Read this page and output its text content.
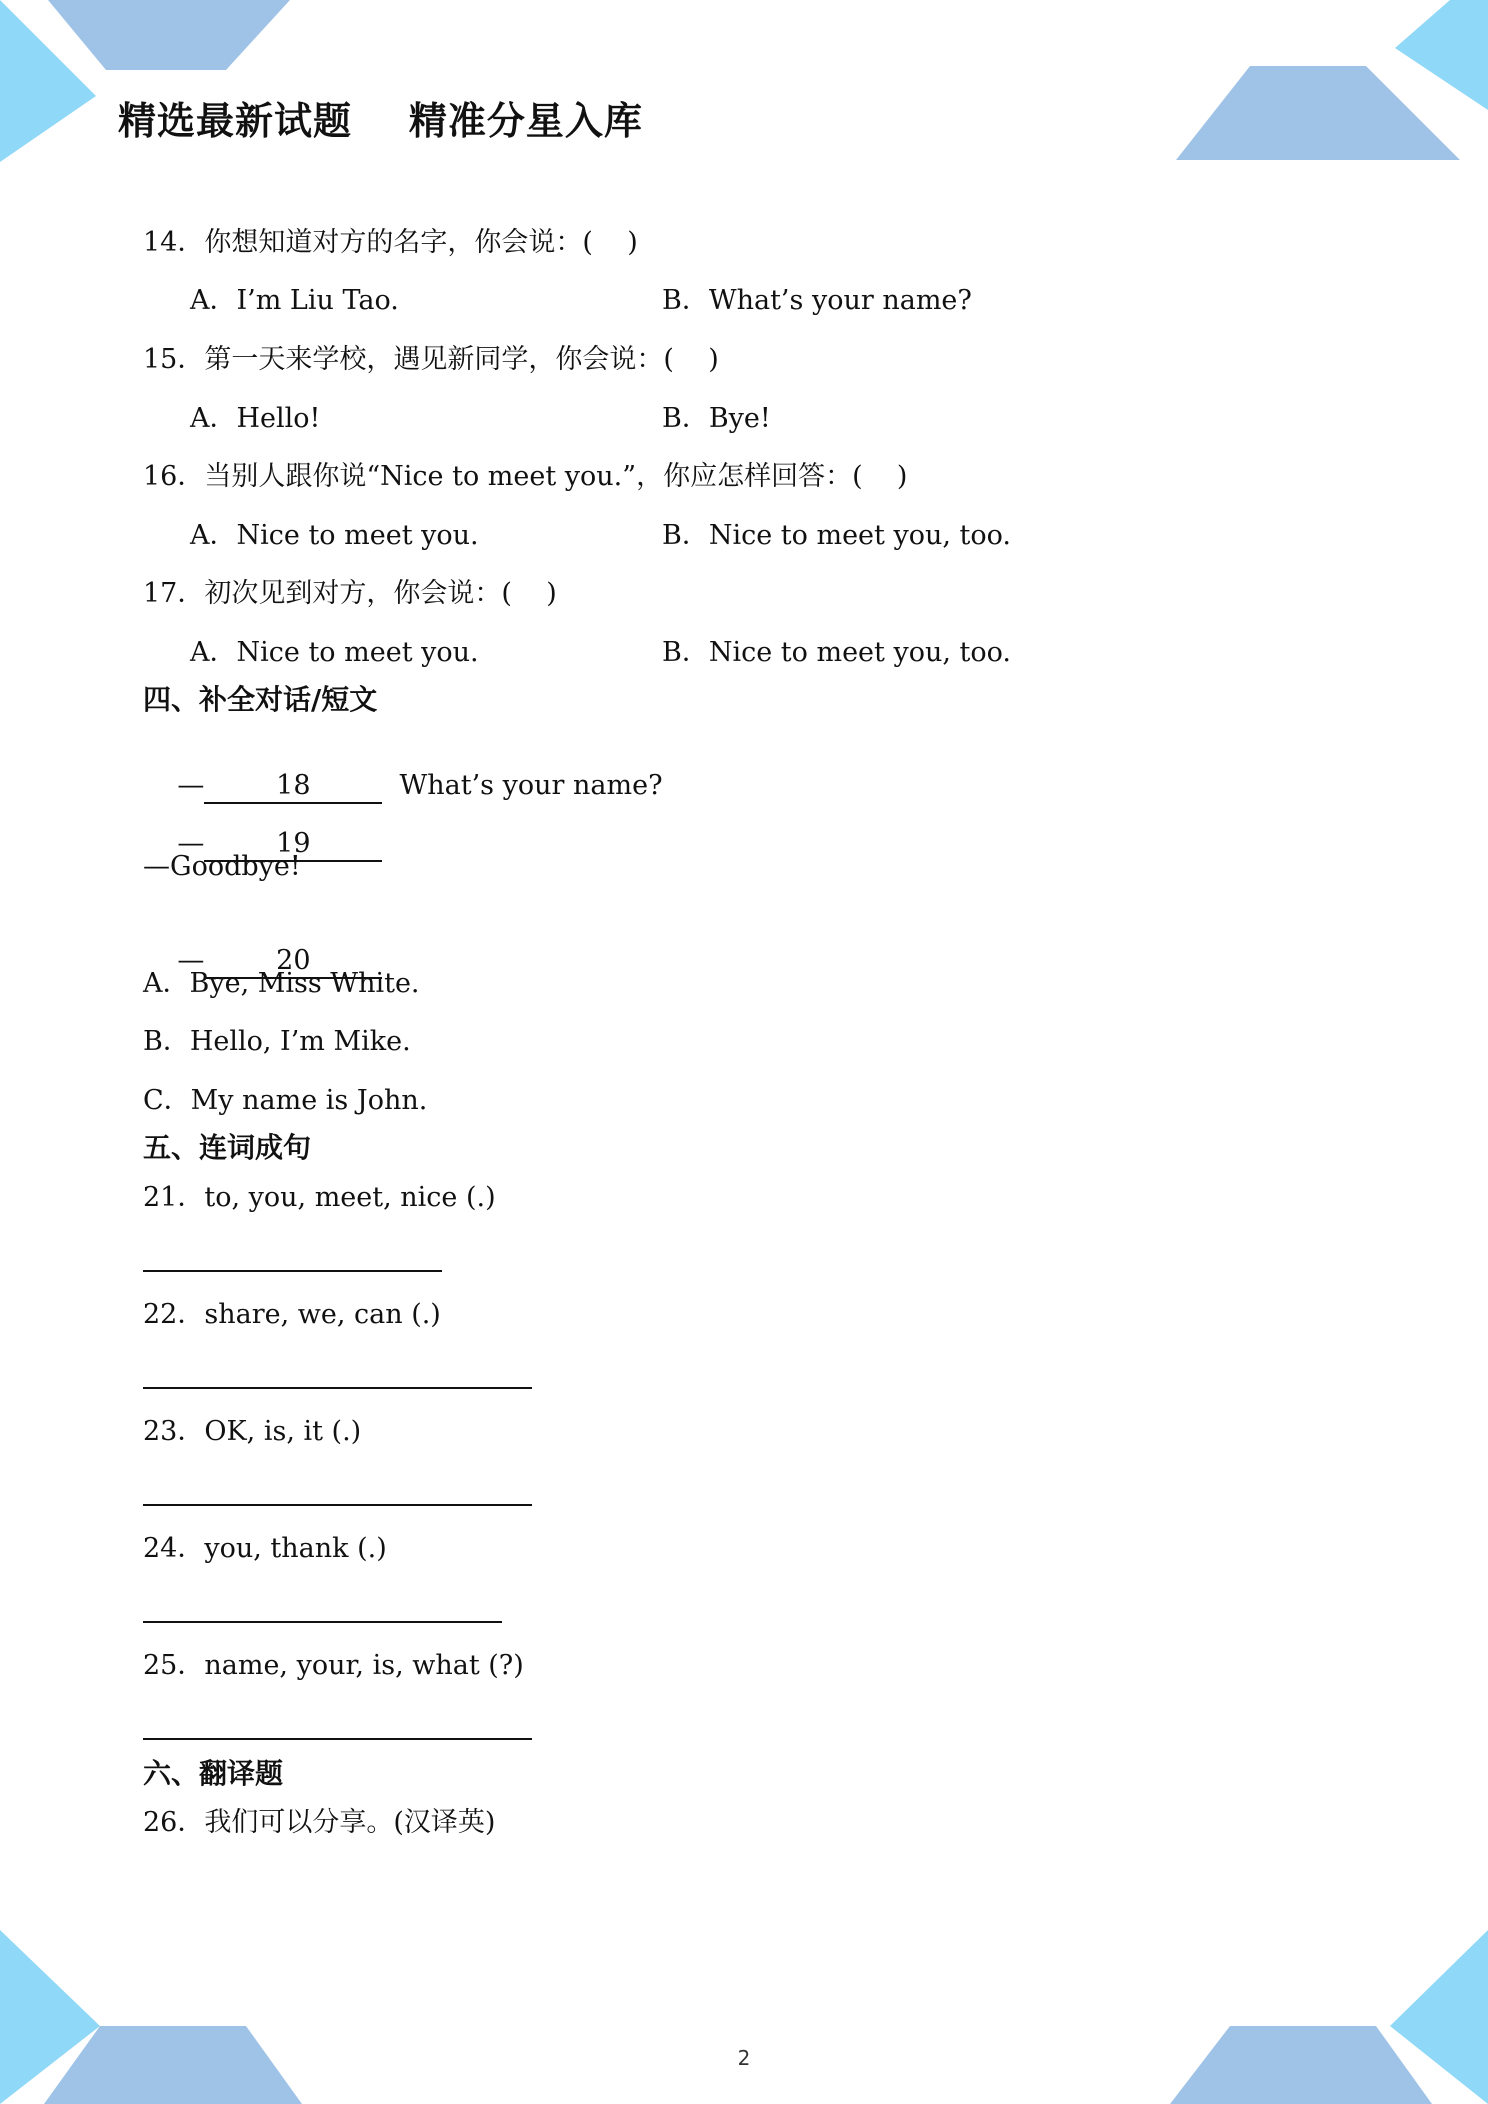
精选最新试题    精准分星入库
14．你想知道对方的名字，你会说：(    )
A．I’m Liu Tao.	B．What’s your name?
15．第一天来学校，遇见新同学，你会说：(    )
A．Hello!	B．Bye!
16．当别人跟你说“Nice to meet you.”，你应怎样回答：(    )
A．Nice to meet you.	B．Nice to meet you, too.
17．初次见到对方，你会说：(    )
A．Nice to meet you.	B．Nice to meet you, too.
四、补全对话/短文

—	18	What’s your name?

—	19

—Goodbye!

—	20

A．Bye, Miss White.
B．Hello, I’m Mike.
C．My name is John.
五、连词成句
21．to, you, meet, nice (.)
22．share, we, can (.)
23．OK, is, it (.)
24．you, thank (.)
25．name, your, is, what (?)
六、翻译题
26．我们可以分享。(汉译英)
2
